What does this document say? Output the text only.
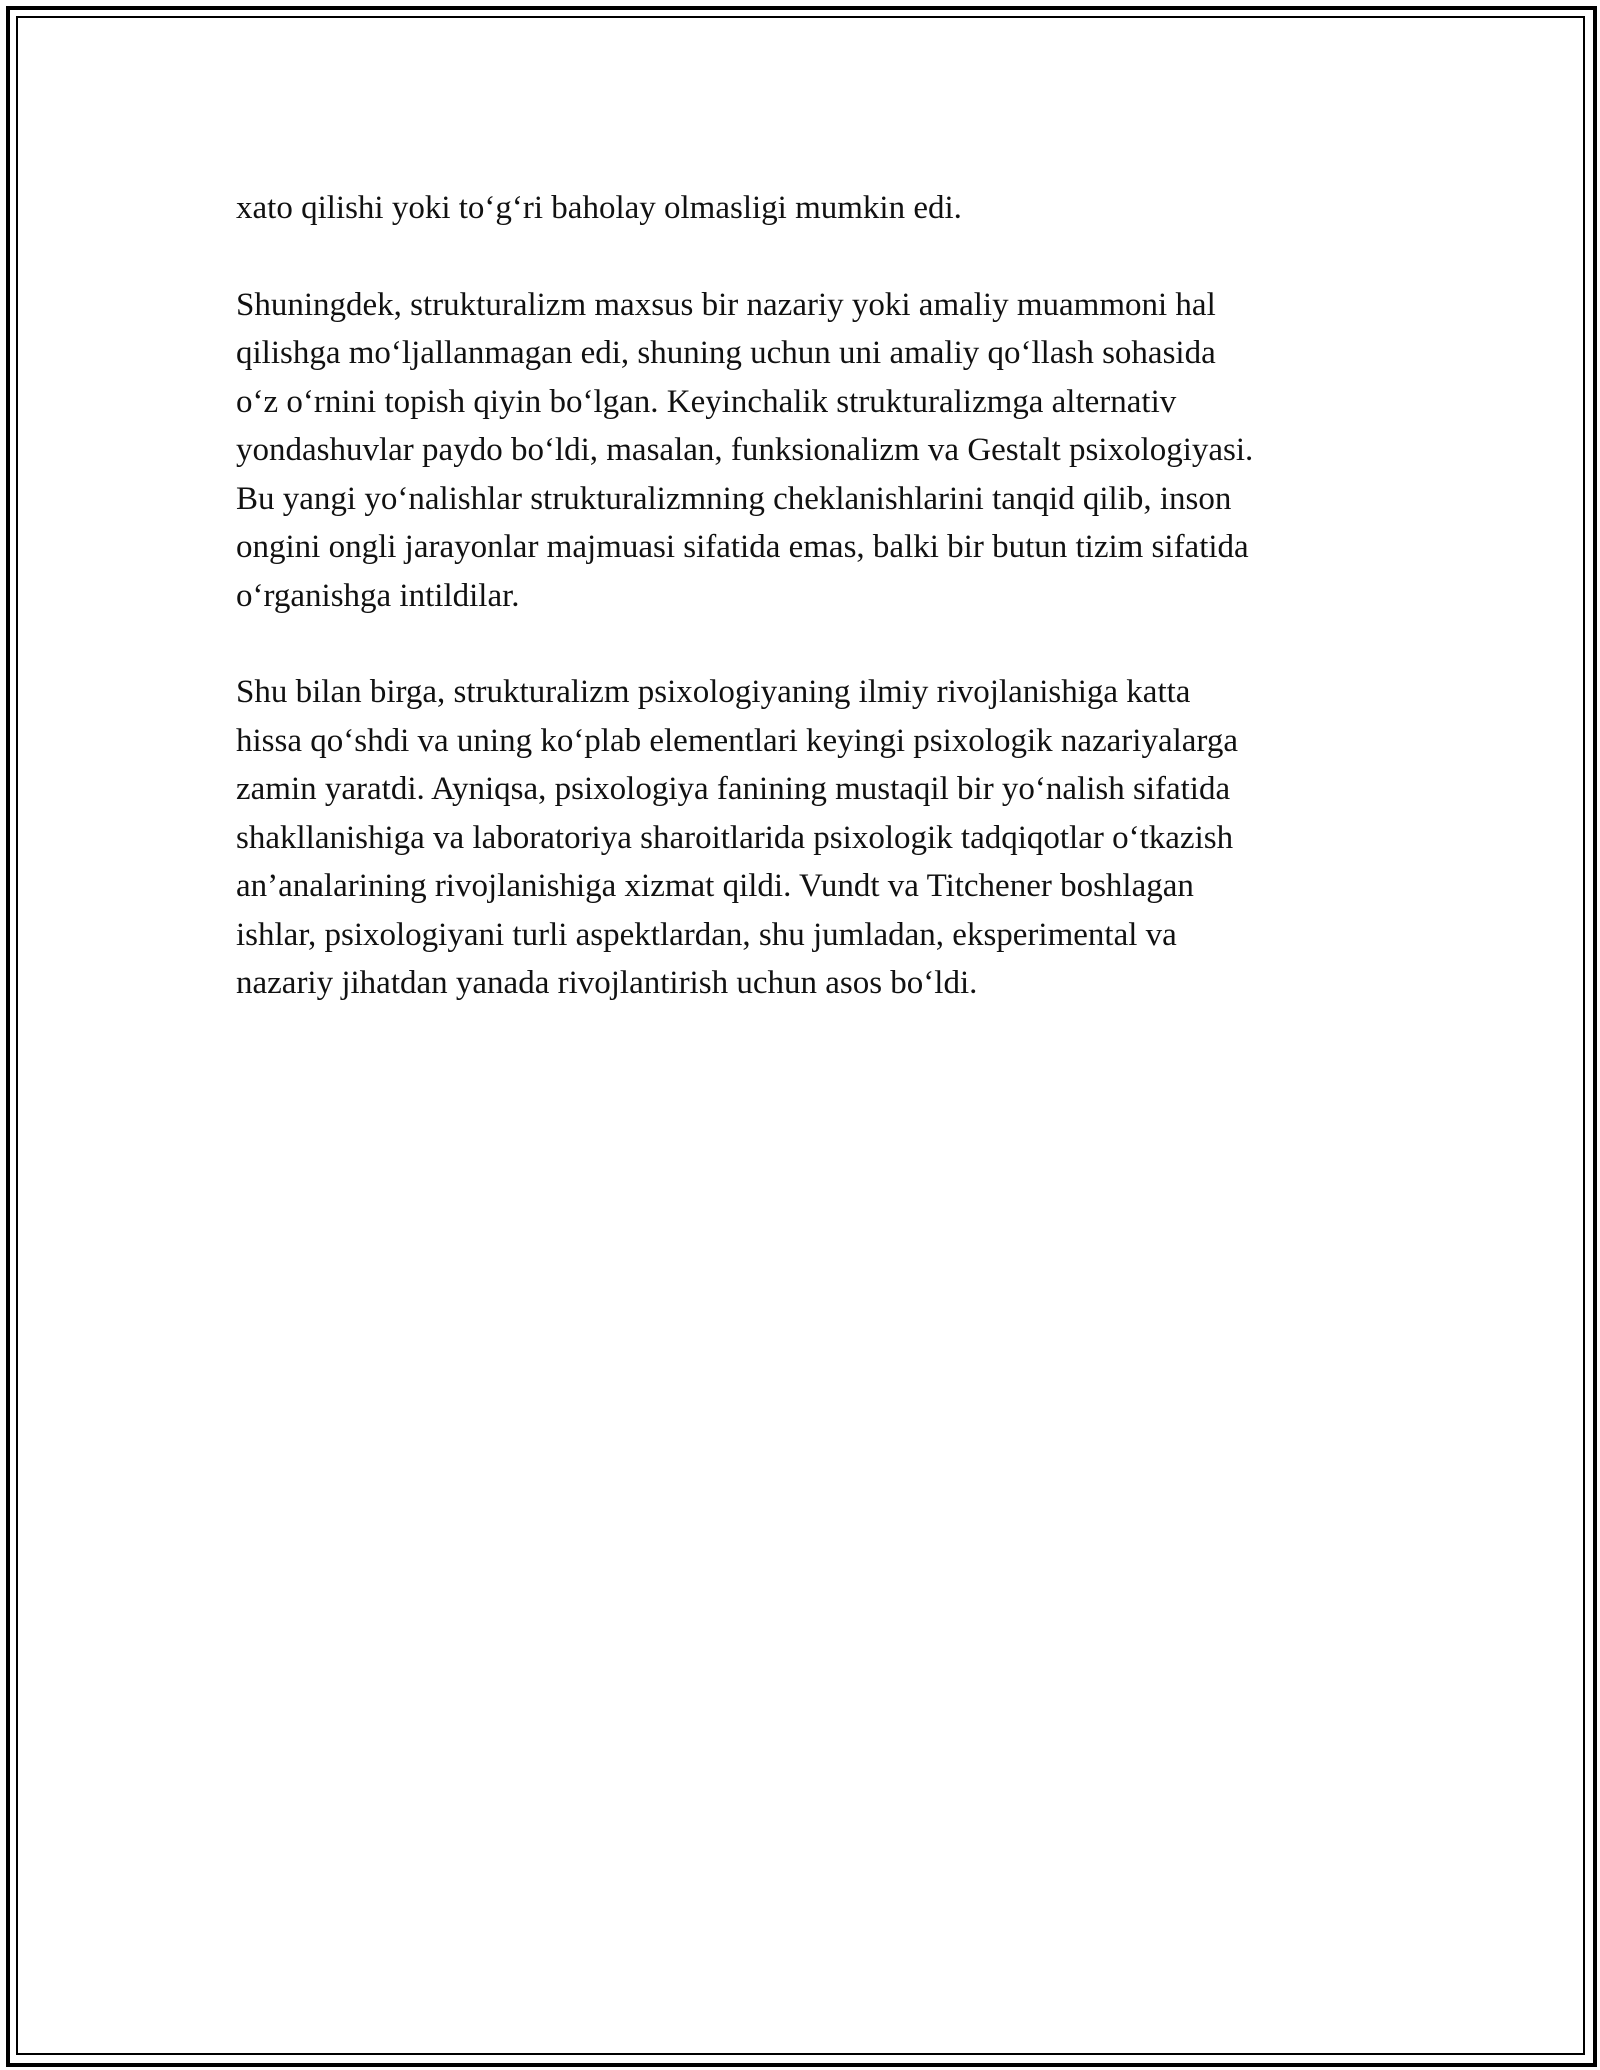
xato qilishi yoki to‘g‘ri baholay olmasligi mumkin edi.

Shuningdek, strukturalizm maxsus bir nazariy yoki amaliy muammoni hal
qilishga mo‘ljallanmagan edi, shuning uchun uni amaliy qo‘llash sohasida
o‘z o‘rnini topish qiyin bo‘lgan. Keyinchalik strukturalizmga alternativ
yondashuvlar paydo bo‘ldi, masalan, funksionalizm va Gestalt psixologiyasi.
Bu yangi yo‘nalishlar strukturalizmning cheklanishlarini tanqid qilib, inson
ongini ongli jarayonlar majmuasi sifatida emas, balki bir butun tizim sifatida
o‘rganishga intildilar.

Shu bilan birga, strukturalizm psixologiyaning ilmiy rivojlanishiga katta
hissa qo‘shdi va uning ko‘plab elementlari keyingi psixologik nazariyalarga
zamin yaratdi. Ayniqsa, psixologiya fanining mustaqil bir yo‘nalish sifatida
shakllanishiga va laboratoriya sharoitlarida psixologik tadqiqotlar o‘tkazish
an’analarining rivojlanishiga xizmat qildi. Vundt va Titchener boshlagan
ishlar, psixologiyani turli aspektlardan, shu jumladan, eksperimental va
nazariy jihatdan yanada rivojlantirish uchun asos bo‘ldi.
